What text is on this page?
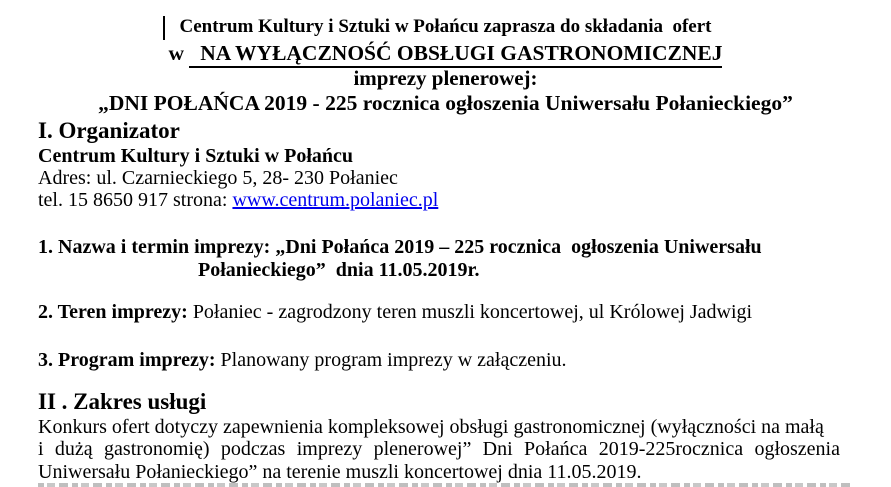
Centrum Kultury i Sztuki w Połańcu zaprasza do składania  ofert
w   NA WYŁĄCZNOŚĆ OBSŁUGI GASTRONOMICZNEJ
imprezy plenerowej:
„DNI POŁAŃCA 2019 - 225 rocznica ogłoszenia Uniwersału Połanieckiego”
I. Organizator
Centrum Kultury i Sztuki w Połańcu
Adres: ul. Czarnieckiego 5, 28- 230 Połaniec
tel. 15 8650 917 strona: www.centrum.polaniec.pl
1. Nazwa i termin imprezy: „Dni Połańca 2019 – 225 rocznica  ogłoszenia Uniwersału
Połanieckiego”  dnia 11.05.2019r.
2. Teren imprezy: Połaniec - zagrodzony teren muszli koncertowej, ul Królowej Jadwigi
3. Program imprezy: Planowany program imprezy w załączeniu.
II . Zakres usługi
Konkurs ofert dotyczy zapewnienia kompleksowej obsługi gastronomicznej (wyłączności na małą
i dużą gastronomię) podczas imprezy plenerowej” Dni Połańca 2019-225rocznica ogłoszenia
Uniwersału Połanieckiego” na terenie muszli koncertowej dnia 11.05.2019.
